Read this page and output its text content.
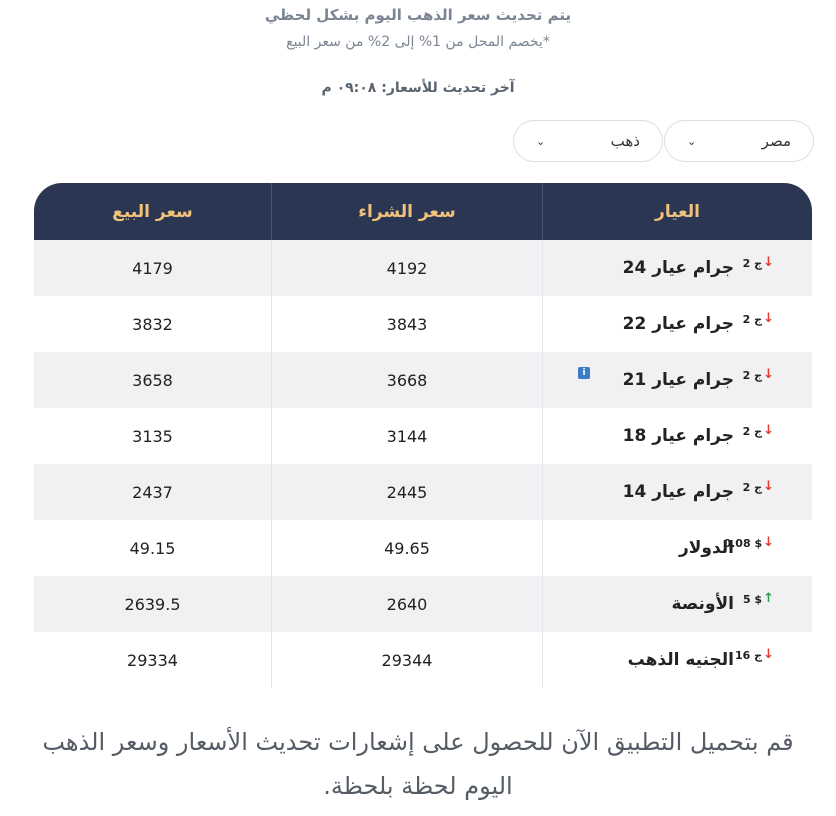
يتم تحديث سعر الذهب اليوم بشكل لحظي
*يخصم المحل من 1% إلى 2% من سعر البيع
آخر تحديث للأسعار: ٠٩:٠٨ م
مصر
⌄
ذهب
⌄
العيار
سعر الشراء
سعر البيع
جرام عيار 24 2 ج ↓
4192
4179
جرام عيار 22 2 ج ↓
3843
3832
جرام عيار 21 2 ج ↓
i
3668
3658
جرام عيار 18 2 ج ↓
3144
3135
جرام عيار 14 2 ج ↓
2445
2437
الدولار
0.08 $ ↓
49.65
49.15
الأونصة 5 $ ↑
2640
2639.5
الجنيه الذهب 16 ج ↓
29344
29334
قم بتحميل التطبيق الآن للحصول على إشعارات تحديث الأسعار وسعر الذهب اليوم لحظة بلحظة.
